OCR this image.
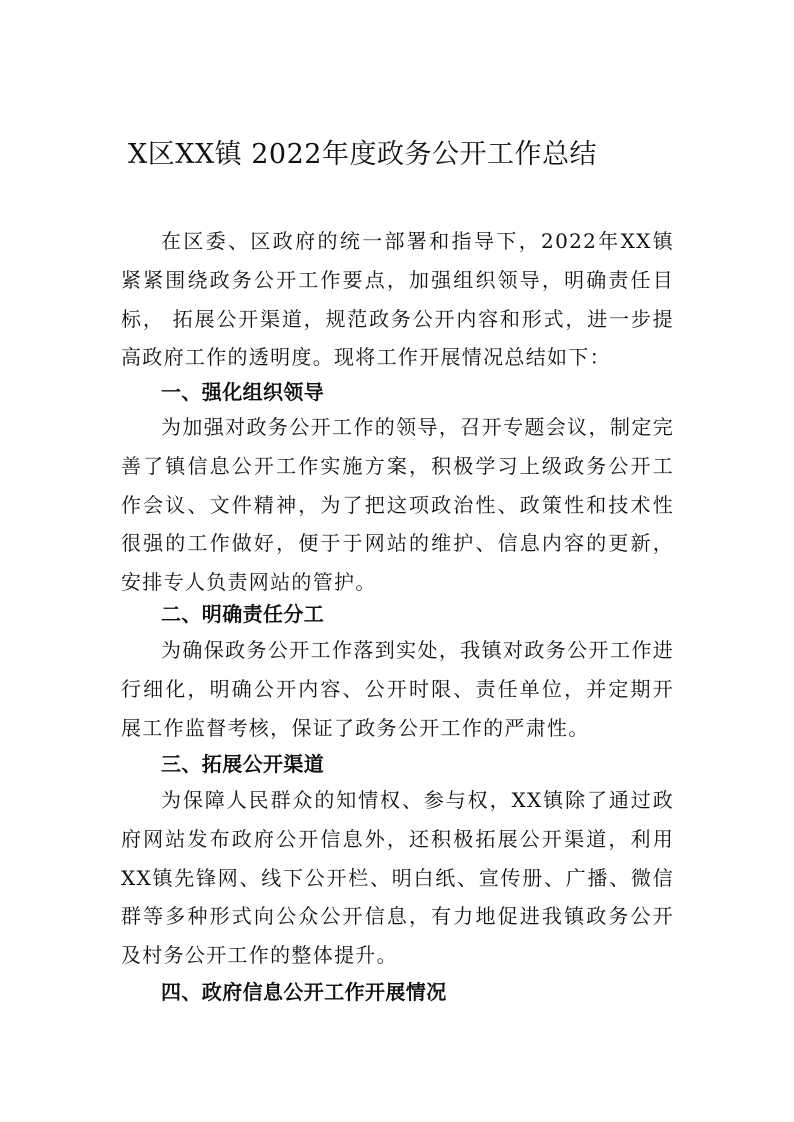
X区XX镇 2022年度政务公开工作总结
在区委、区政府的统一部署和指导下，2022年XX镇紧紧围绕政务公开工作要点，加强组织领导，明确责任目标， 拓展公开渠道，规范政务公开内容和形式，进一步提高政府工作的透明度。现将工作开展情况总结如下：
一、强化组织领导
为加强对政务公开工作的领导，召开专题会议，制定完善了镇信息公开工作实施方案，积极学习上级政务公开工作会议、文件精神，为了把这项政治性、政策性和技术性很强的工作做好，便于于网站的维护、信息内容的更新，安排专人负责网站的管护。
二、明确责任分工
为确保政务公开工作落到实处，我镇对政务公开工作进行细化，明确公开内容、公开时限、责任单位，并定期开展工作监督考核，保证了政务公开工作的严肃性。
三、拓展公开渠道
为保障人民群众的知情权、参与权，XX镇除了通过政府网站发布政府公开信息外，还积极拓展公开渠道，利用XX镇先锋网、线下公开栏、明白纸、宣传册、广播、微信群等多种形式向公众公开信息，有力地促进我镇政务公开及村务公开工作的整体提升。
四、政府信息公开工作开展情况
